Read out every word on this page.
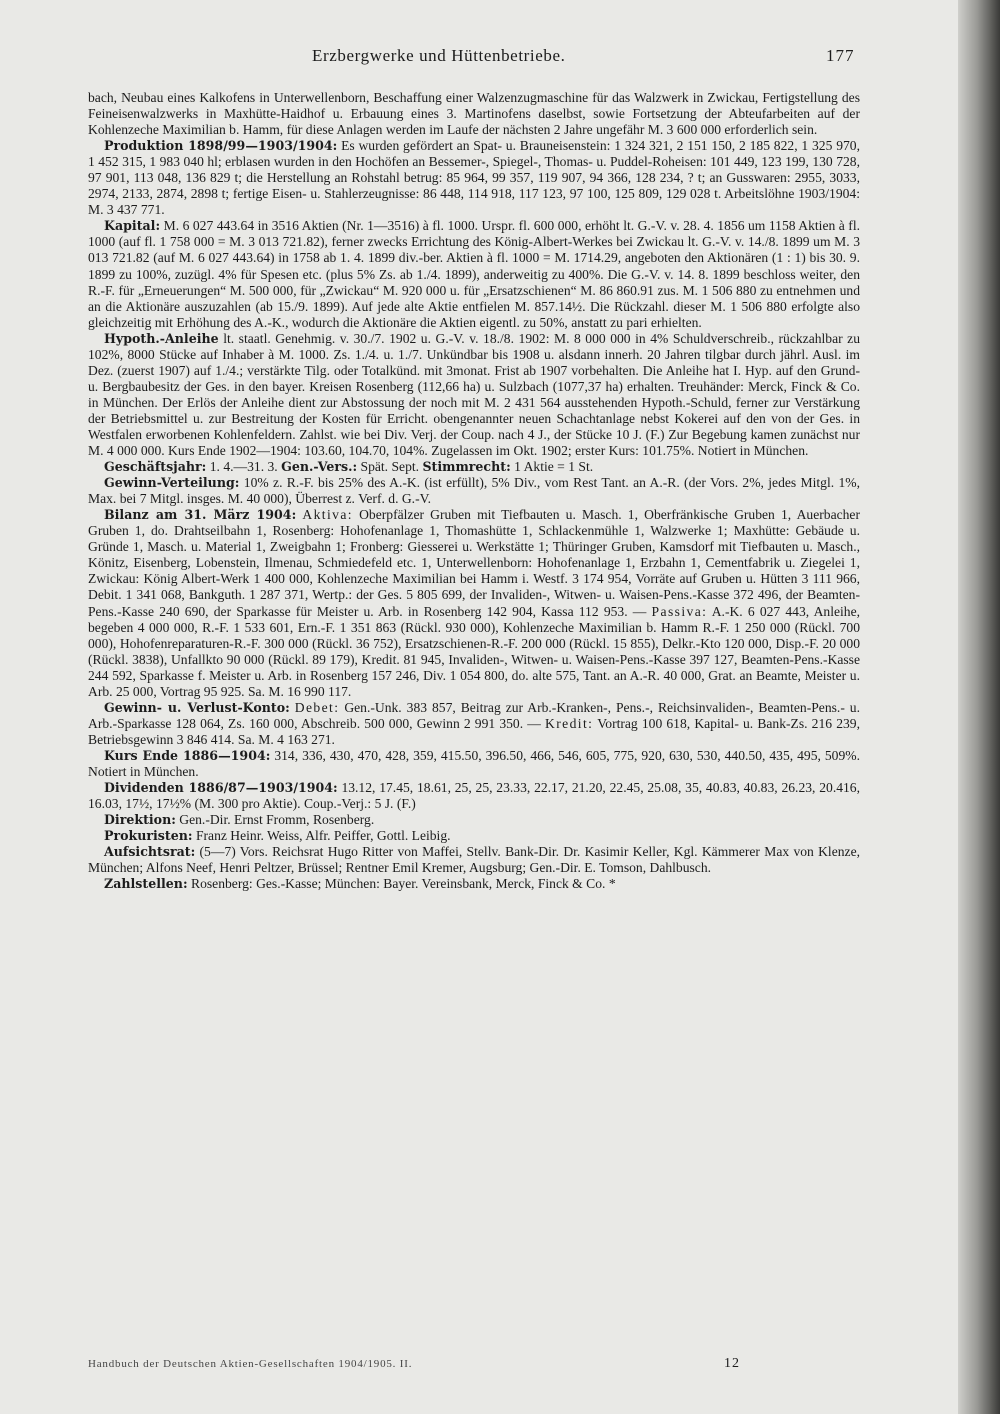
Erzbergwerke und Hüttenbetriebe.	177

bach, Neubau eines Kalkofens in Unterwellenborn, Beschaffung einer Walzenzugmaschine für das Walzwerk in Zwickau, Fertigstellung des Feineisenwalzwerks in Maxhütte-Haidhof u. Erbauung eines 3. Martinofens daselbst, sowie Fortsetzung der Abteufarbeiten auf der Kohlenzeche Maximilian b. Hamm, für diese Anlagen werden im Laufe der nächsten 2 Jahre ungefähr M. 3 600 000 erforderlich sein.

Produktion 1898/99—1903/1904: Es wurden gefördert an Spat- u. Brauneisenstein: 1 324 321, 2 151 150, 2 185 822, 1 325 970, 1 452 315, 1 983 040 hl; erblasen wurden in den Hochöfen an Bessemer-, Spiegel-, Thomas- u. Puddel-Roheisen: 101 449, 123 199, 130 728, 97 901, 113 048, 136 829 t; die Herstellung an Rohstahl betrug: 85 964, 99 357, 119 907, 94 366, 128 234, ? t; an Gusswaren: 2955, 3033, 2974, 2133, 2874, 2898 t; fertige Eisen- u. Stahlerzeugnisse: 86 448, 114 918, 117 123, 97 100, 125 809, 129 028 t. Arbeitslöhne 1903/1904: M. 3 437 771.

Kapital: M. 6 027 443.64 in 3516 Aktien (Nr. 1—3516) à fl. 1000. Urspr. fl. 600 000, erhöht lt. G.-V. v. 28. 4. 1856 um 1158 Aktien à fl. 1000 (auf fl. 1 758 000 = M. 3 013 721.82), ferner zwecks Errichtung des König-Albert-Werkes bei Zwickau lt. G.-V. v. 14./8. 1899 um M. 3 013 721.82 (auf M. 6 027 443.64) in 1758 ab 1. 4. 1899 div.-ber. Aktien à fl. 1000 = M. 1714.29, angeboten den Aktionären (1 : 1) bis 30. 9. 1899 zu 100%, zuzügl. 4% für Spesen etc. (plus 5% Zs. ab 1./4. 1899), anderweitig zu 400%. Die G.-V. v. 14. 8. 1899 beschloss weiter, den R.-F. für „Erneuerungen“ M. 500 000, für „Zwickau“ M. 920 000 u. für „Ersatzschienen“ M. 86 860.91 zus. M. 1 506 880 zu entnehmen und an die Aktionäre auszuzahlen (ab 15./9. 1899). Auf jede alte Aktie entfielen M. 857.14½. Die Rückzahl. dieser M. 1 506 880 erfolgte also gleichzeitig mit Erhöhung des A.-K., wodurch die Aktionäre die Aktien eigentl. zu 50%, anstatt zu pari erhielten.

Hypoth.-Anleihe lt. staatl. Genehmig. v. 30./7. 1902 u. G.-V. v. 18./8. 1902: M. 8 000 000 in 4% Schuldverschreib., rückzahlbar zu 102%, 8000 Stücke auf Inhaber à M. 1000. Zs. 1./4. u. 1./7. Unkündbar bis 1908 u. alsdann innerh. 20 Jahren tilgbar durch jährl. Ausl. im Dez. (zuerst 1907) auf 1./4.; verstärkte Tilg. oder Totalkünd. mit 3monat. Frist ab 1907 vorbehalten. Die Anleihe hat I. Hyp. auf den Grund- u. Bergbaubesitz der Ges. in den bayer. Kreisen Rosenberg (112,66 ha) u. Sulzbach (1077,37 ha) erhalten. Treuhänder: Merck, Finck & Co. in München. Der Erlös der Anleihe dient zur Abstossung der noch mit M. 2 431 564 ausstehenden Hypoth.-Schuld, ferner zur Verstärkung der Betriebsmittel u. zur Bestreitung der Kosten für Erricht. obengenannter neuen Schachtanlage nebst Kokerei auf den von der Ges. in Westfalen erworbenen Kohlenfeldern. Zahlst. wie bei Div. Verj. der Coup. nach 4 J., der Stücke 10 J. (F.) Zur Begebung kamen zunächst nur M. 4 000 000. Kurs Ende 1902—1904: 103.60, 104.70, 104%. Zugelassen im Okt. 1902; erster Kurs: 101.75%. Notiert in München.

Geschäftsjahr: 1. 4.—31. 3. Gen.-Vers.: Spät. Sept. Stimmrecht: 1 Aktie = 1 St.

Gewinn-Verteilung: 10% z. R.-F. bis 25% des A.-K. (ist erfüllt), 5% Div., vom Rest Tant. an A.-R. (der Vors. 2%, jedes Mitgl. 1%, Max. bei 7 Mitgl. insges. M. 40 000), Überrest z. Verf. d. G.-V.

Bilanz am 31. März 1904: Aktiva: Oberpfälzer Gruben mit Tiefbauten u. Masch. 1, Oberfränkische Gruben 1, Auerbacher Gruben 1, do. Drahtseilbahn 1, Rosenberg: Hohofenanlage 1, Thomashütte 1, Schlackenmühle 1, Walzwerke 1; Maxhütte: Gebäude u. Gründe 1, Masch. u. Material 1, Zweigbahn 1; Fronberg: Giesserei u. Werkstätte 1; Thüringer Gruben, Kamsdorf mit Tiefbauten u. Masch., Könitz, Eisenberg, Lobenstein, Ilmenau, Schmiedefeld etc. 1, Unterwellenborn: Hohofenanlage 1, Erzbahn 1, Cementfabrik u. Ziegelei 1, Zwickau: König Albert-Werk 1 400 000, Kohlenzeche Maximilian bei Hamm i. Westf. 3 174 954, Vorräte auf Gruben u. Hütten 3 111 966, Debit. 1 341 068, Bankguth. 1 287 371, Wertp.: der Ges. 5 805 699, der Invaliden-, Witwen- u. Waisen-Pens.-Kasse 372 496, der Beamten-Pens.-Kasse 240 690, der Sparkasse für Meister u. Arb. in Rosenberg 142 904, Kassa 112 953. — Passiva: A.-K. 6 027 443, Anleihe, begeben 4 000 000, R.-F. 1 533 601, Ern.-F. 1 351 863 (Rückl. 930 000), Kohlenzeche Maximilian b. Hamm R.-F. 1 250 000 (Rückl. 700 000), Hohofenreparaturen-R.-F. 300 000 (Rückl. 36 752), Ersatzschienen-R.-F. 200 000 (Rückl. 15 855), Delkr.-Kto 120 000, Disp.-F. 20 000 (Rückl. 3838), Unfallkto 90 000 (Rückl. 89 179), Kredit. 81 945, Invaliden-, Witwen- u. Waisen-Pens.-Kasse 397 127, Beamten-Pens.-Kasse 244 592, Sparkasse f. Meister u. Arb. in Rosenberg 157 246, Div. 1 054 800, do. alte 575, Tant. an A.-R. 40 000, Grat. an Beamte, Meister u. Arb. 25 000, Vortrag 95 925. Sa. M. 16 990 117.

Gewinn- u. Verlust-Konto: Debet: Gen.-Unk. 383 857, Beitrag zur Arb.-Kranken-, Pens.-, Reichsinvaliden-, Beamten-Pens.- u. Arb.-Sparkasse 128 064, Zs. 160 000, Abschreib. 500 000, Gewinn 2 991 350. — Kredit: Vortrag 100 618, Kapital- u. Bank-Zs. 216 239, Betriebsgewinn 3 846 414. Sa. M. 4 163 271.

Kurs Ende 1886—1904: 314, 336, 430, 470, 428, 359, 415.50, 396.50, 466, 546, 605, 775, 920, 630, 530, 440.50, 435, 495, 509%. Notiert in München.

Dividenden 1886/87—1903/1904: 13.12, 17.45, 18.61, 25, 25, 23.33, 22.17, 21.20, 22.45, 25.08, 35, 40.83, 40.83, 26.23, 20.416, 16.03, 17½, 17½% (M. 300 pro Aktie). Coup.-Verj.: 5 J. (F.)

Direktion: Gen.-Dir. Ernst Fromm, Rosenberg.

Prokuristen: Franz Heinr. Weiss, Alfr. Peiffer, Gottl. Leibig.

Aufsichtsrat: (5—7) Vors. Reichsrat Hugo Ritter von Maffei, Stellv. Bank-Dir. Dr. Kasimir Keller, Kgl. Kämmerer Max von Klenze, München; Alfons Neef, Henri Peltzer, Brüssel; Rentner Emil Kremer, Augsburg; Gen.-Dir. E. Tomson, Dahlbusch.

Zahlstellen: Rosenberg: Ges.-Kasse; München: Bayer. Vereinsbank, Merck, Finck & Co. *

Handbuch der Deutschen Aktien-Gesellschaften 1904/1905. II.	12
